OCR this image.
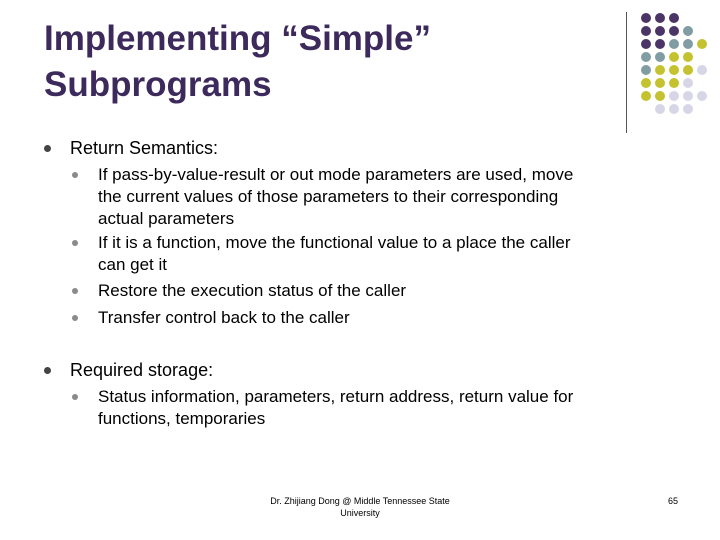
Implementing “Simple”
Subprograms
Return Semantics:
If pass-by-value-result or out mode parameters are used, move
the current values of those parameters to their corresponding
actual parameters
If it is a function, move the functional value to a place the caller
can get it
Restore the execution status of the caller
Transfer control back to the caller
Required storage:
Status information, parameters, return address, return value for
functions, temporaries
Dr. Zhijiang Dong @ Middle Tennessee State
University
65
